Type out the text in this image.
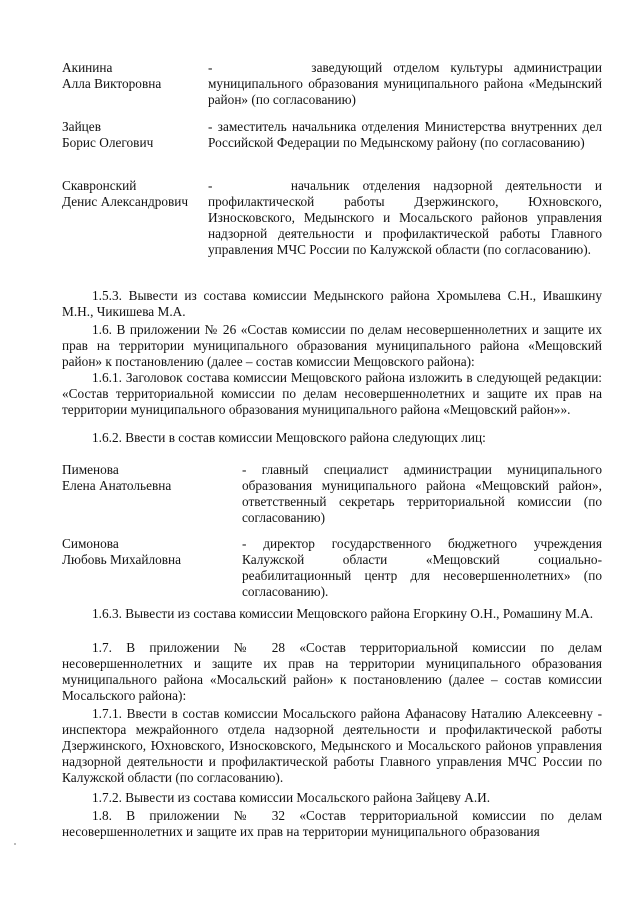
Акинина
Алла Викторовна
-         заведующий отделом культуры администрации муниципального образования муниципального района «Медынский район» (по согласованию)
Зайцев
Борис Олегович
- заместитель начальника отделения Министерства внутренних дел Российской Федерации по Медынскому району (по согласованию)
Скавронский
Денис Александрович
-      начальник отделения надзорной деятельности и профилактической работы Дзержинского, Юхновского, Износковского, Медынского и Мосальского районов управления надзорной деятельности и профилактической работы Главного управления МЧС России по Калужской области (по согласованию).
1.5.3. Вывести из состава комиссии Медынского района Хромылева С.Н., Ивашкину М.Н., Чикишева М.А.
1.6. В приложении № 26 «Состав комиссии по делам несовершеннолетних и защите их прав на территории муниципального образования муниципального района «Мещовский район» к постановлению (далее – состав комиссии Мещовского района):
1.6.1. Заголовок состава комиссии Мещовского района изложить в следующей редакции: «Состав территориальной комиссии по делам несовершеннолетних и защите их прав на территории муниципального образования муниципального района «Мещовский район»».
1.6.2. Ввести в состав комиссии Мещовского района следующих лиц:
Пименова
Елена Анатольевна
- главный специалист администрации муниципального образования муниципального района «Мещовский район», ответственный секретарь территориальной комиссии (по согласованию)
Симонова
Любовь Михайловна
- директор государственного бюджетного учреждения Калужской области «Мещовский социально-реабилитационный центр для несовершеннолетних» (по согласованию).
1.6.3. Вывести из состава комиссии Мещовского района Егоркину О.Н., Ромашину М.А.
1.7. В приложении № 28 «Состав территориальной комиссии по делам несовершеннолетних и защите их прав на территории муниципального образования муниципального района «Мосальский район» к постановлению (далее – состав комиссии Мосальского района):
1.7.1. Ввести в состав комиссии Мосальского района Афанасову Наталию Алексеевну - инспектора межрайонного отдела надзорной деятельности и профилактической работы Дзержинского, Юхновского, Износковского, Медынского и Мосальского районов управления надзорной деятельности и профилактической работы Главного управления МЧС России по Калужской области (по согласованию).
1.7.2. Вывести из состава комиссии Мосальского района Зайцеву А.И.
1.8. В приложении № 32 «Состав территориальной комиссии по делам несовершеннолетних и защите их прав на территории муниципального образования
